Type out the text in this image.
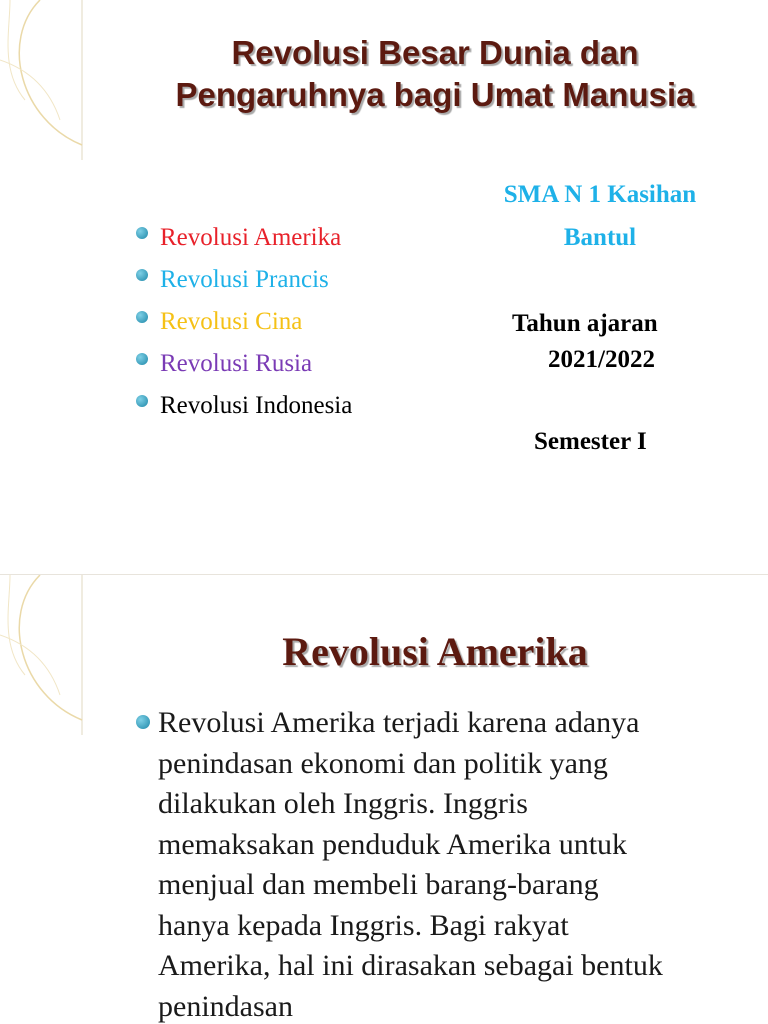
Revolusi Besar Dunia dan
Pengaruhnya bagi Umat Manusia
Revolusi Amerika
Revolusi Prancis
Revolusi Cina
Revolusi Rusia
Revolusi Indonesia
SMA N 1 Kasihan
Bantul
Tahun ajaran
2021/2022
Semester I
Revolusi Amerika
Revolusi Amerika terjadi karena adanya
penindasan ekonomi dan politik yang
dilakukan oleh Inggris. Inggris
memaksakan penduduk Amerika untuk
menjual dan membeli barang-barang
hanya kepada Inggris. Bagi rakyat
Amerika, hal ini dirasakan sebagai bentuk
penindasan
